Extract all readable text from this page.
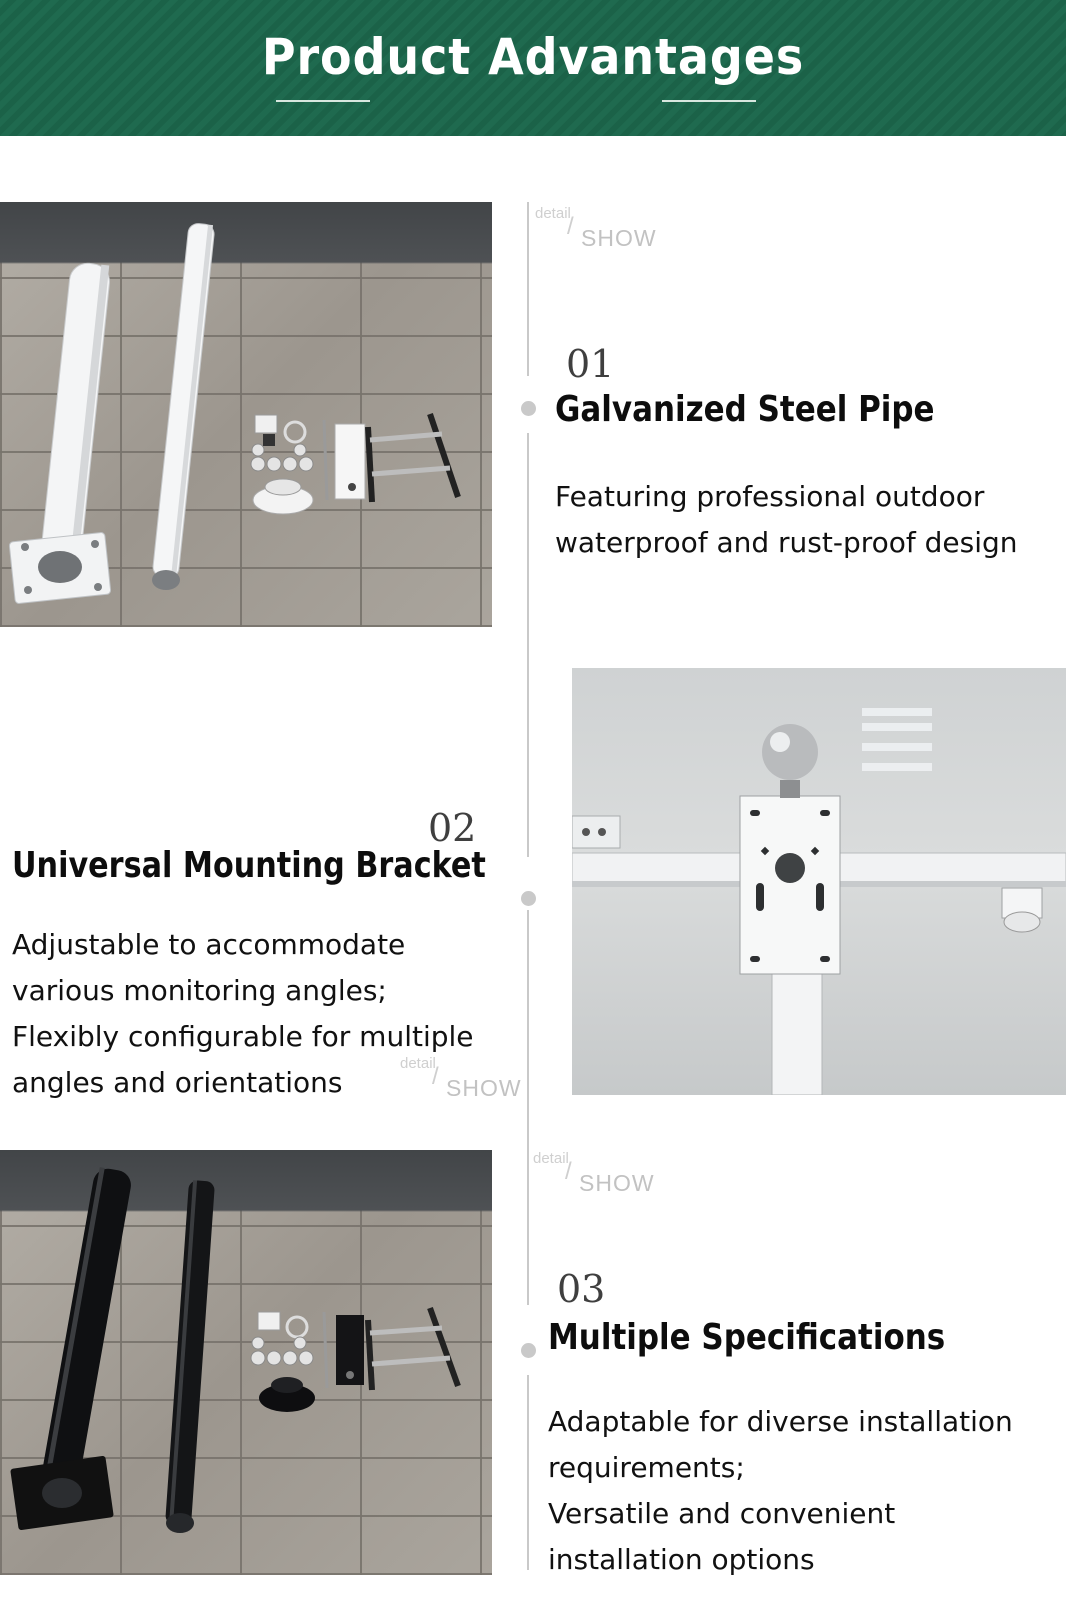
Product Advantages
detail
/ SHOW
01
Galvanized Steel Pipe
Featuring professional outdoor
waterproof and rust-proof design
02
Universal Mounting Bracket
Adjustable to accommodate
various monitoring angles;
Flexibly configurable for multiple
angles and orientations
detail
/ SHOW
detail
/ SHOW
03
Multiple Specifications
Adaptable for diverse installation
requirements;
Versatile and convenient
installation options
